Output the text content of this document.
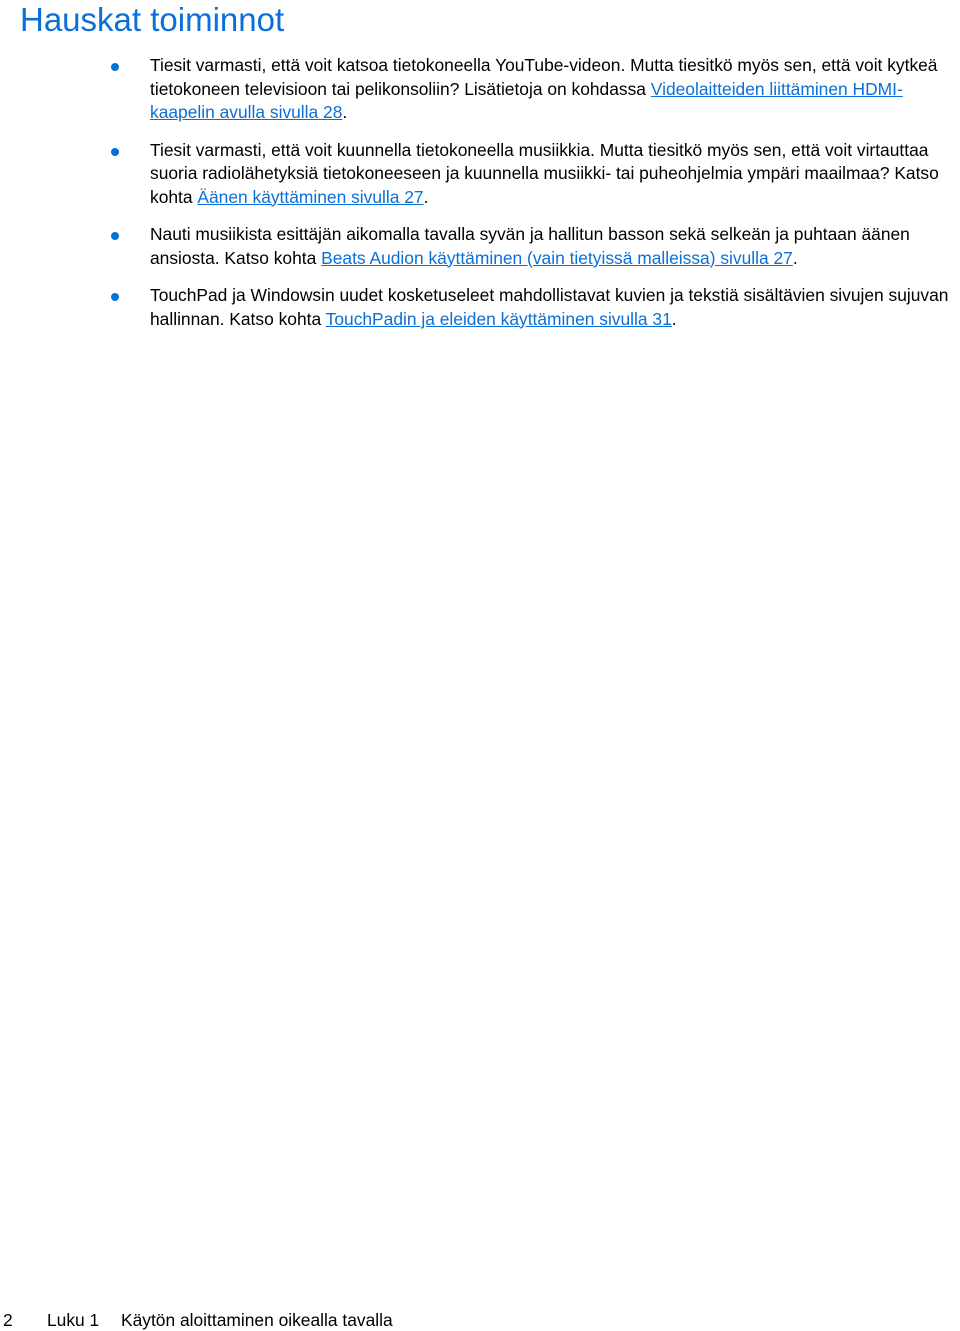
Hauskat toiminnot
Tiesit varmasti, että voit katsoa tietokoneella YouTube-videon. Mutta tiesitkö myös sen, että voit kytkeä tietokoneen televisioon tai pelikonsoliin? Lisätietoja on kohdassa Videolaitteiden liittäminen HDMI-kaapelin avulla sivulla 28.
Tiesit varmasti, että voit kuunnella tietokoneella musiikkia. Mutta tiesitkö myös sen, että voit virtauttaa suoria radiolähetyksiä tietokoneeseen ja kuunnella musiikki- tai puheohjelmia ympäri maailmaa? Katso kohta Äänen käyttäminen sivulla 27.
Nauti musiikista esittäjän aikomalla tavalla syvän ja hallitun basson sekä selkeän ja puhtaan äänen ansiosta. Katso kohta Beats Audion käyttäminen (vain tietyissä malleissa) sivulla 27.
TouchPad ja Windowsin uudet kosketuseleet mahdollistavat kuvien ja tekstiä sisältävien sivujen sujuvan hallinnan. Katso kohta TouchPadin ja eleiden käyttäminen sivulla 31.
2 Luku 1 Käytön aloittaminen oikealla tavalla
